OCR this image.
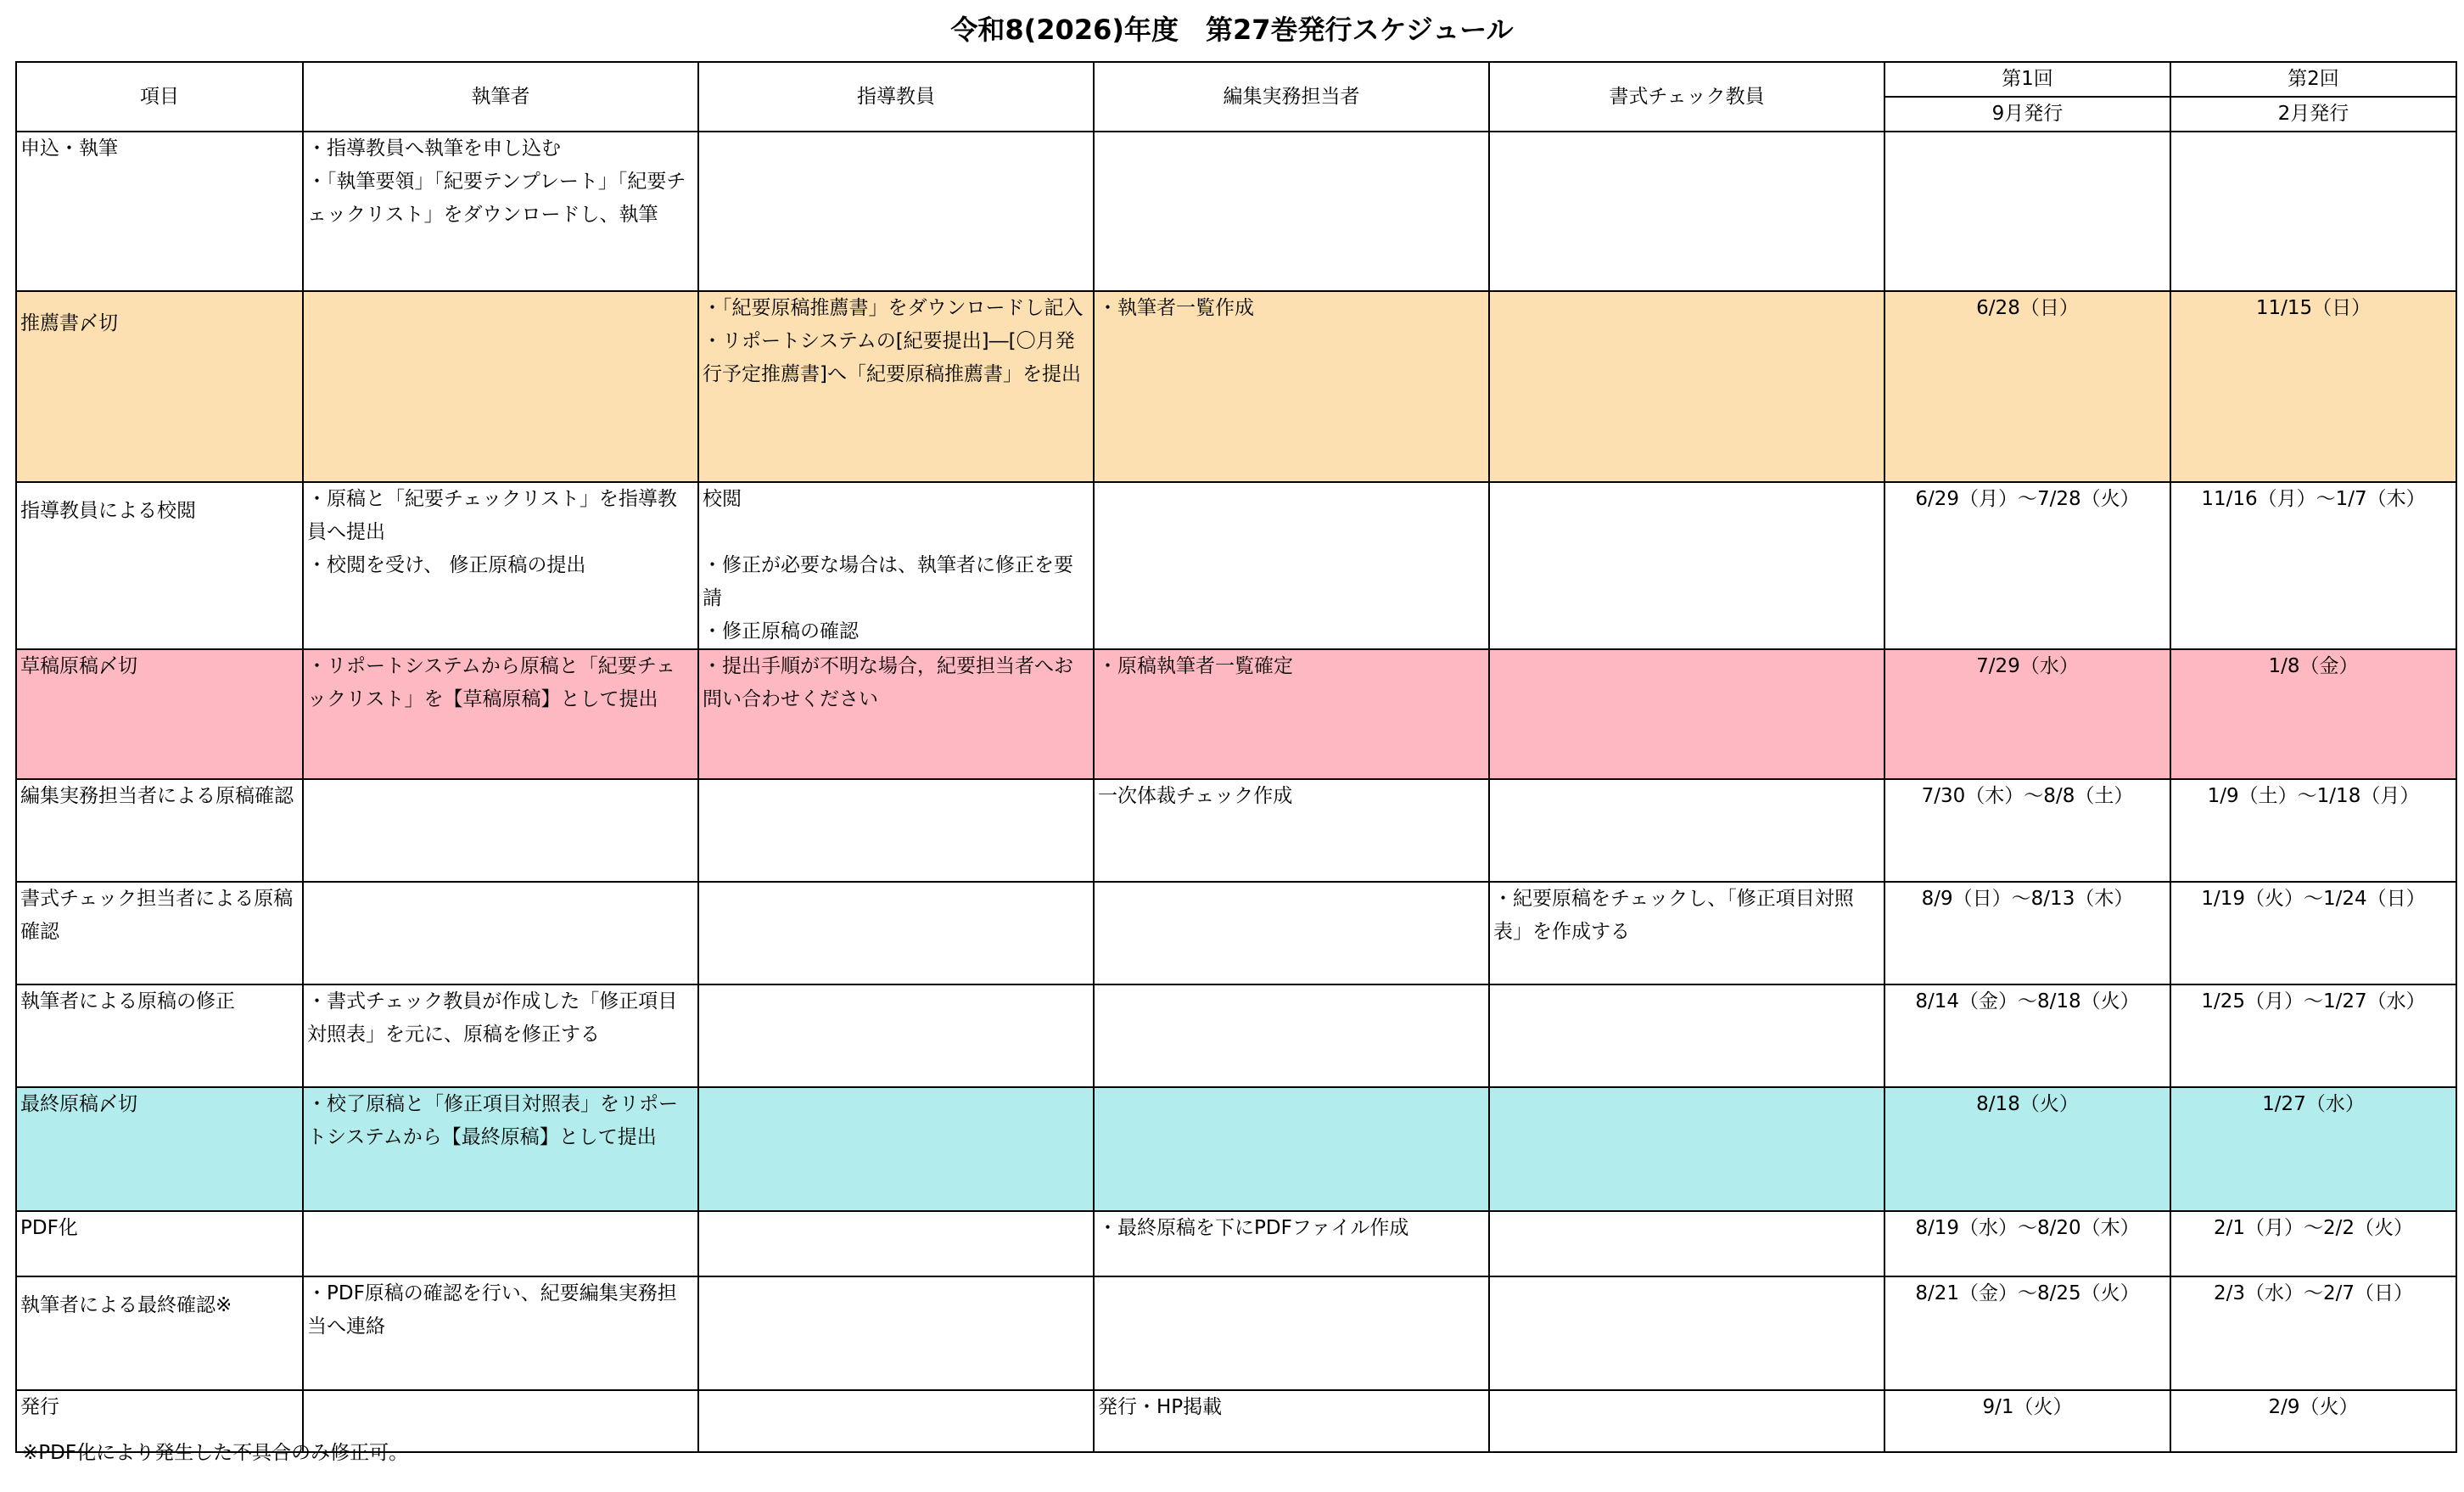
令和8(2026)年度　第27巻発行スケジュール
項目	執筆者	指導教員	編集実務担当者	書式チェック教員	第1回	第2回
					9月発行	2月発行
申込・執筆	・指導教員へ執筆を申し込む
・「執筆要領」「紀要テンプレート」「紀要チェックリスト」をダウンロードし、執筆					

推薦書〆切		・「紀要原稿推薦書」をダウンロードし記入
・リポートシステムの[紀要提出]―[〇月発行予定推薦書]へ「紀要原稿推薦書」を提出	・執筆者一覧作成		6/28（日）	11/15（日）
指導教員による校閲	・原稿と「紀要チェックリスト」を指導教員へ提出
・校閲を受け、 修正原稿の提出	校閲
・修正が必要な場合は、執筆者に修正を要請
・修正原稿の確認			6/29（月）～7/28（火）	11/16（月）～1/7（木）
草稿原稿〆切	・リポートシステムから原稿と「紀要チェックリスト」を【草稿原稿】として提出	・提出手順が不明な場合，紀要担当者へお問い合わせください	・原稿執筆者一覧確定		7/29（水）	1/8（金）
編集実務担当者による原稿確認			一次体裁チェック作成		7/30（木）～8/8（土）	1/9（土）～1/18（月）
書式チェック担当者による原稿確認				・紀要原稿をチェックし、「修正項目対照表」を作成する	8/9（日）～8/13（木）	1/19（火）～1/24（日）
執筆者による原稿の修正	・書式チェック教員が作成した「修正項目対照表」を元に、原稿を修正する				8/14（金）～8/18（火）	1/25（月）～1/27（水）
最終原稿〆切	・校了原稿と「修正項目対照表」をリポートシステムから【最終原稿】として提出				8/18（火）	1/27（水）
PDF化			・最終原稿を下にPDFファイル作成		8/19（水）～8/20（木）	2/1（月）～2/2（火）
執筆者による最終確認※	・PDF原稿の確認を行い、紀要編集実務担当へ連絡				8/21（金）～8/25（火）	2/3（水）～2/7（日）
発行			発行・HP掲載		9/1（火）	2/9（火）
※PDF化により発生した不具合のみ修正可。
